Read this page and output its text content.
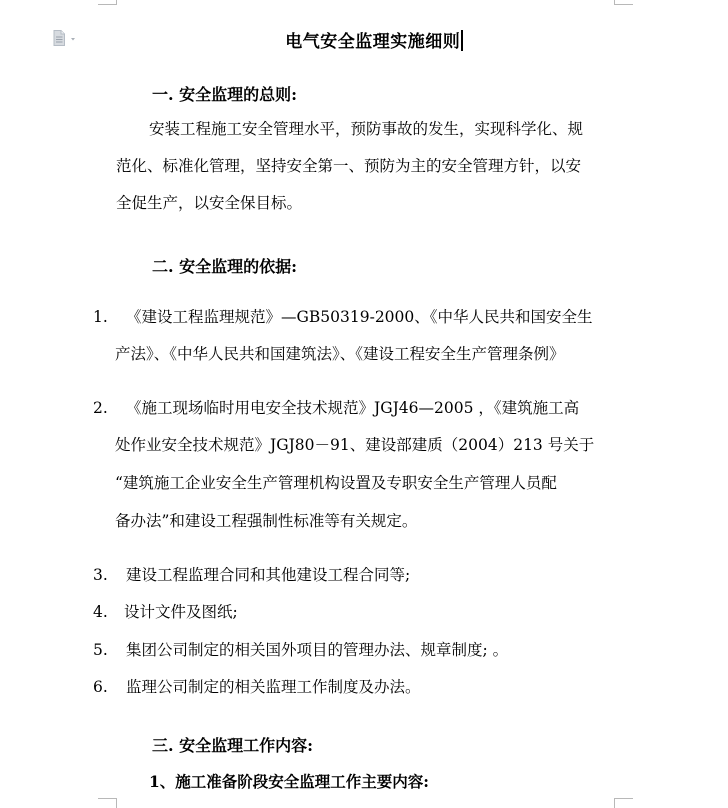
电气安全监理实施细则
一. 安全监理的总则:
安装工程施工安全管理水平，预防事故的发生，实现科学化、规
范化、标准化管理，坚持安全第一、预防为主的安全管理方针，以安
全促生产，以安全保目标。
二. 安全监理的依据:
1.	《建设工程监理规范》—GB50319-2000、《中华人民共和国安全生
产法》、《中华人民共和国建筑法》、《建设工程安全生产管理条例》
2.	《施工现场临时用电安全技术规范》JGJ46—2005 ，《建筑施工高
处作业安全技术规范》JGJ80－91、建设部建质（2004）213 号关于
“建筑施工企业安全生产管理机构设置及专职安全生产管理人员配
备办法”和建设工程强制性标准等有关规定。
3.	建设工程监理合同和其他建设工程合同等;
4.	设计文件及图纸;
5.	集团公司制定的相关国外项目的管理办法、规章制度; 。
6.	监理公司制定的相关监理工作制度及办法。
三. 安全监理工作内容:
1、施工准备阶段安全监理工作主要内容:
